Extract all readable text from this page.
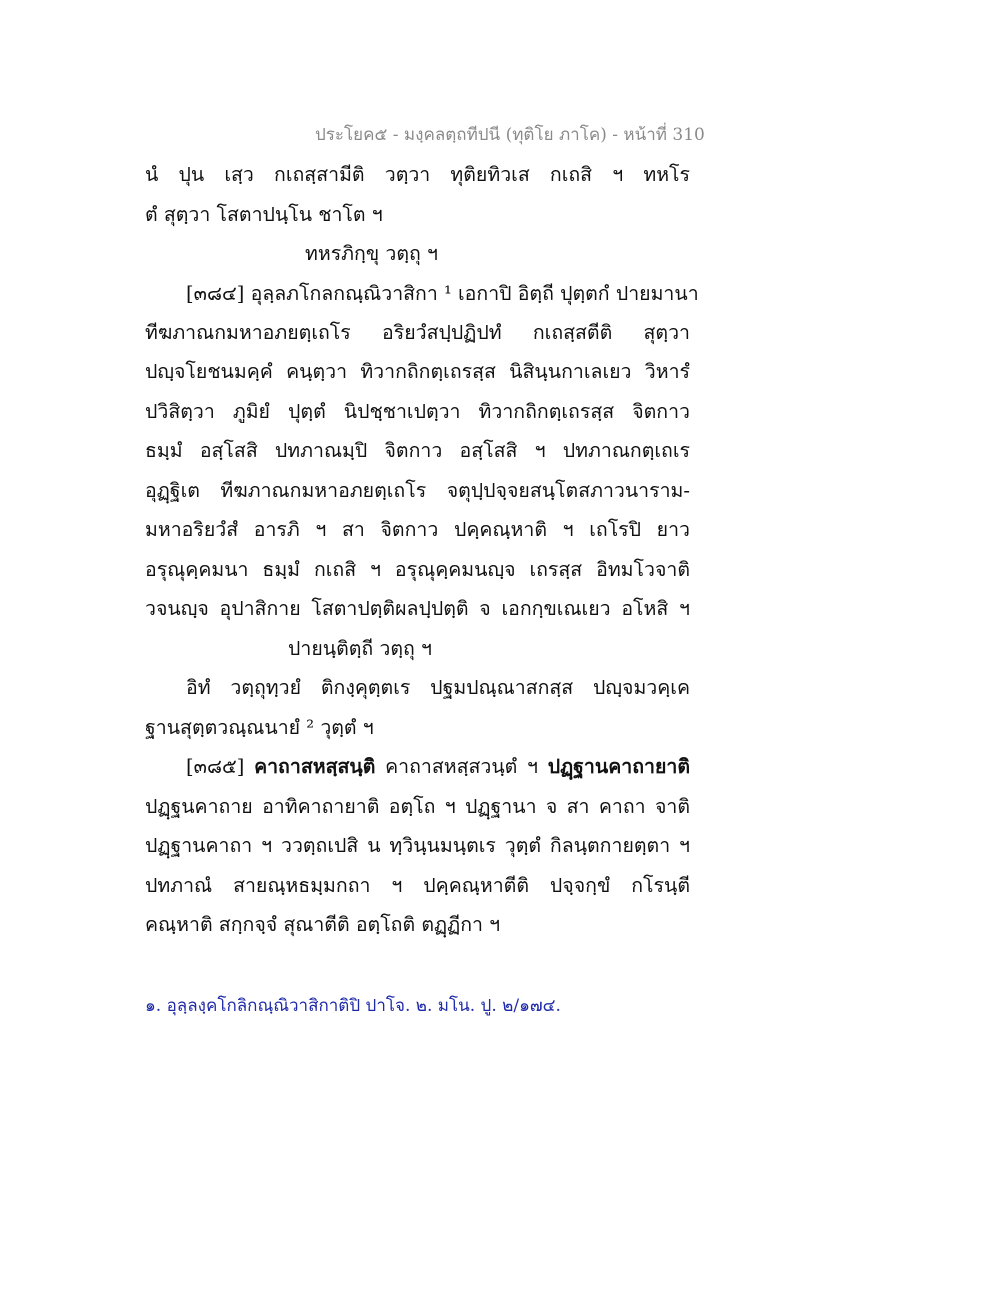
ประโยค๕ - มงฺคลตฺถทีปนี (ทุติโย ภาโค) - หน้าที่ 310
นํ ปุน เสฺว กเถสฺสามีติ วตฺวา ทุติยทิวเส กเถสิ ฯ ทหโร
ตํ สุตฺวา โสตาปนฺโน ชาโต ฯ
ทหรภิกฺขุ วตฺถุ ฯ
[๓๘๔] อุลฺลภโกลกณฺณิวาสิกา ¹ เอกาปิ อิตฺถี ปุตฺตกํ ปายมานา
ทีฆภาณกมหาอภยตฺเถโร อริยวํสปฺปฏิปทํ กเถสฺสตีติ สุตฺวา
ปญฺจโยชนมคฺคํ คนฺตฺวา ทิวากถิกตฺเถรสฺส นิสินฺนกาเลเยว วิหารํ
ปวิสิตฺวา ภูมิยํ ปุตฺตํ นิปชฺชาเปตฺวา ทิวากถิกตฺเถรสฺส จิตกาว
ธมฺมํ อสฺโสสิ ปทภาณมฺปิ จิตกาว อสฺโสสิ ฯ ปทภาณกตฺเถเร
อุฏฺฐิเต ทีฆภาณกมหาอภยตฺเถโร จตุปฺปจฺจยสนฺโตสภาวนาราม-
มหาอริยวํสํ อารภิ ฯ สา จิตกาว ปคฺคณฺหาติ ฯ เถโรปิ ยาว
อรุณุคฺคมนา ธมฺมํ กเถสิ ฯ อรุณุคฺคมนญฺจ เถรสฺส อิทมโวจาติ
วจนญฺจ อุปาสิกาย โสตาปตฺติผลปฺปตฺติ จ เอกกฺขเณเยว อโหสิ ฯ
ปายนฺติตฺถี วตฺถุ ฯ
อิทํ วตฺถุทฺวยํ ติกงฺคุตฺตเร ปฐมปณฺณาสกสฺส ปญฺจมวคฺเค
ฐานสุตฺตวณฺณนายํ ² วุตฺตํ ฯ
[๓๘๕] คาถาสหสฺสนฺติ คาถาสหสฺสวนฺตํ ฯ ปฏฺฐานคาถายาติ
ปฏฺฐนคาถาย อาทิคาถายาติ อตฺโถ ฯ ปฏฺฐานา จ สา คาถา จาติ
ปฏฺฐานคาถา ฯ ววตฺถเปสิ น ทฺวินฺนมนฺตเร วุตฺตํ กิลนฺตกายตฺตา ฯ
ปทภาณํ สายณฺหธมฺมกถา ฯ ปคฺคณฺหาตีติ ปจฺจกฺขํ กโรนฺตี
คณฺหาติ สกฺกจฺจํ สุณาตีติ อตฺโถติ ตฏฺฏีกา ฯ
๑. อุลฺลงฺคโกลิกณฺณิวาสิกาติปิ ปาโจ. ๒. มโน. ปู. ๒/๑๗๔.
